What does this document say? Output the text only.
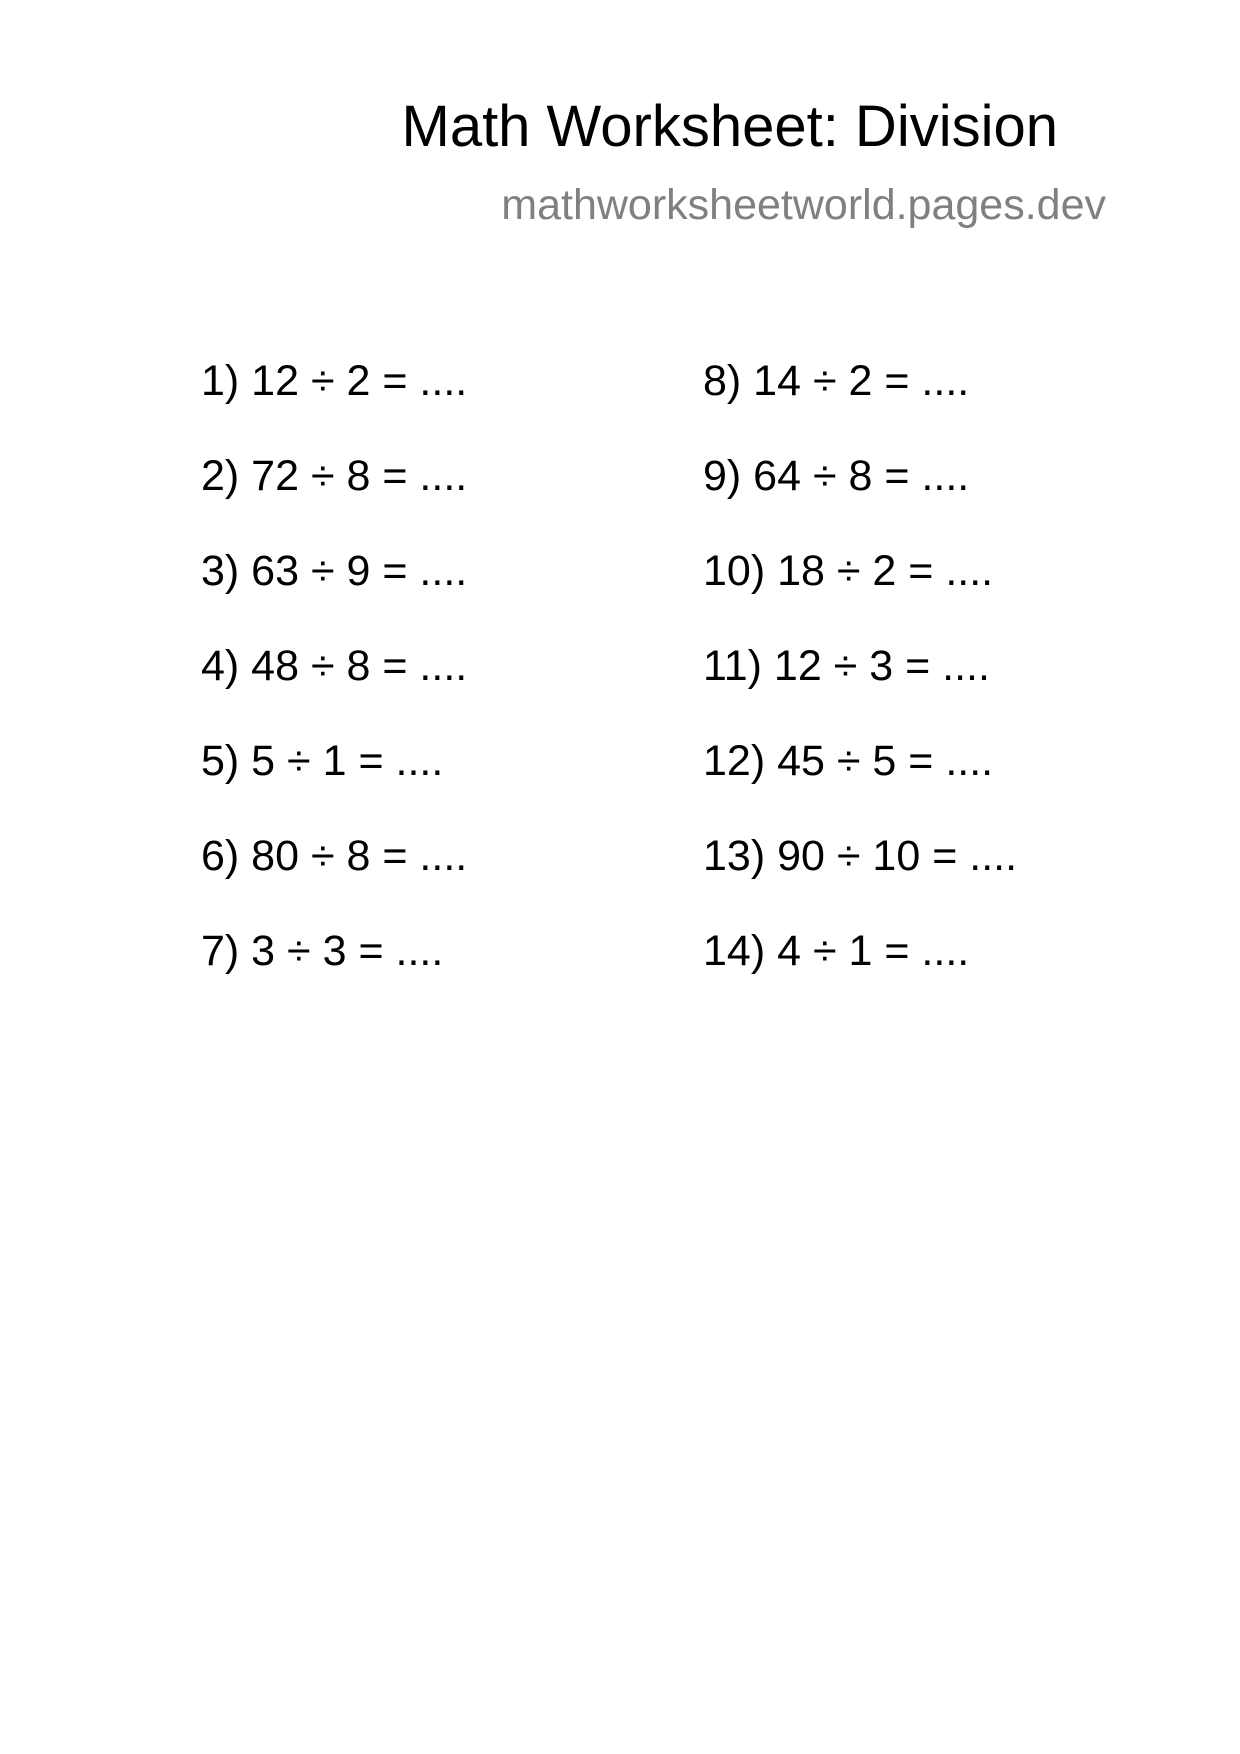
Math Worksheet: Division
mathworksheetworld.pages.dev
1) 12 ÷ 2 = ....
2) 72 ÷ 8 = ....
3) 63 ÷ 9 = ....
4) 48 ÷ 8 = ....
5) 5 ÷ 1 = ....
6) 80 ÷ 8 = ....
7) 3 ÷ 3 = ....
8) 14 ÷ 2 = ....
9) 64 ÷ 8 = ....
10) 18 ÷ 2 = ....
11) 12 ÷ 3 = ....
12) 45 ÷ 5 = ....
13) 90 ÷ 10 = ....
14) 4 ÷ 1 = ....
